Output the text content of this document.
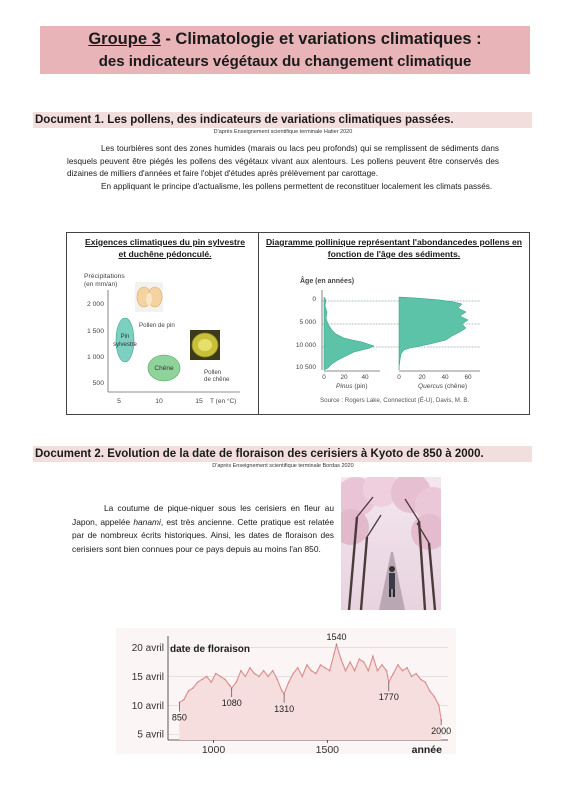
Groupe 3 - Climatologie et variations climatiques :
des indicateurs végétaux du changement climatique
Document 1. Les pollens, des indicateurs de variations climatiques passées.
D'après Enseignement scientifique terminale Hatier 2020

Les tourbières sont des zones humides (marais ou lacs peu profonds) qui se remplissent de sédiments dans lesquels peuvent être piégés les pollens des végétaux vivant aux alentours. Les pollens peuvent être conservés des dizaines de milliers d'années et faire l'objet d'études après prélèvement par carottage.

En appliquant le principe d'actualisme, les pollens permettent de reconstituer localement les climats passés.

Exigences climatiques du pin sylvestre et duchêne pédonculé.
Diagramme pollinique représentant l'abondancedes pollens en fonction de l'âge des sédiments.
Précipitations
(en mm/an)
2 000
1 500
1 000
500
5	10	15 T (en °C)
Pin
sylvestre
Chêne
Pollen de pin
Pollen
de chêne
Âge (en années)
0
5 000
10 000
10 500
0 20 40	0	20 40 60
Pinus (pin)	Quercus (chêne)
Source : Rogers Lake, Connecticut (É-U), Davis, M. B.
Document 2. Evolution de la date de floraison des cerisiers à Kyoto de 850 à 2000.
D'après Enseignement scientifique terminale Bordas 2020

La coutume de pique-niquer sous les cerisiers en fleur au Japon, appelée hanami, est très ancienne. Cette pratique est relatée par de nombreux écrits historiques. Ainsi, les dates de floraison des cerisiers sont bien connues pour ce pays depuis au moins l'an 850.

5 avril
10 avril
15 avril
20 avril
1000	1500
date de floraison
année
850
1080
1310
1540
1770
2000
